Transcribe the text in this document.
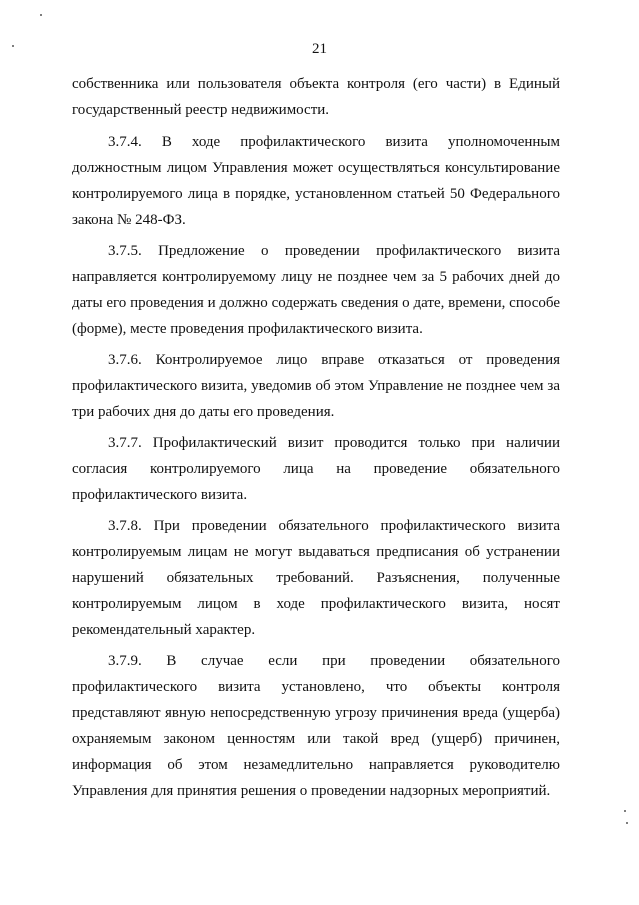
21

собственника или пользователя объекта контроля (его части) в Единый государственный реестр недвижимости.

3.7.4. В ходе профилактического визита уполномоченным должностным лицом Управления может осуществляться консультирование контролируемого лица в порядке, установленном статьей 50 Федерального закона № 248-ФЗ.

3.7.5. Предложение о проведении профилактического визита направляется контролируемому лицу не позднее чем за 5 рабочих дней до даты его проведения и должно содержать сведения о дате, времени, способе (форме), месте проведения профилактического визита.

3.7.6. Контролируемое лицо вправе отказаться от проведения профилактического визита, уведомив об этом Управление не позднее чем за три рабочих дня до даты его проведения.

3.7.7. Профилактический визит проводится только при наличии согласия контролируемого лица на проведение обязательного профилактического визита.

3.7.8. При проведении обязательного профилактического визита контролируемым лицам не могут выдаваться предписания об устранении нарушений обязательных требований. Разъяснения, полученные контролируемым лицом в ходе профилактического визита, носят рекомендательный характер.

3.7.9. В случае если при проведении обязательного профилактического визита установлено, что объекты контроля представляют явную непосредственную угрозу причинения вреда (ущерба) охраняемым законом ценностям или такой вред (ущерб) причинен, информация об этом незамедлительно направляется руководителю Управления для принятия решения о проведении надзорных мероприятий.
